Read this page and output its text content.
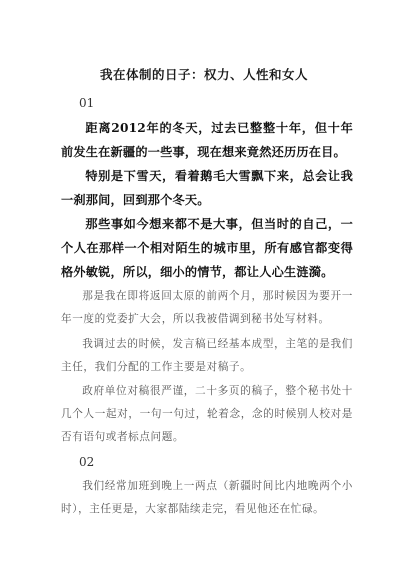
我在体制的日子：权力、人性和女人
01
距离2012年的冬天，过去已整整十年，但十年前发生在新疆的一些事，现在想来竟然还历历在目。
特别是下雪天，看着鹅毛大雪飘下来，总会让我一刹那间，回到那个冬天。
那些事如今想来都不是大事，但当时的自己，一个人在那样一个相对陌生的城市里，所有感官都变得格外敏锐，所以，细小的情节，都让人心生涟漪。
那是我在即将返回太原的前两个月，那时候因为要开一年一度的党委扩大会，所以我被借调到秘书处写材料。
我调过去的时候，发言稿已经基本成型，主笔的是我们主任，我们分配的工作主要是对稿子。
政府单位对稿很严谨，二十多页的稿子，整个秘书处十几个人一起对，一句一句过，轮着念，念的时候别人校对是否有语句或者标点问题。
02
我们经常加班到晚上一两点（新疆时间比内地晚两个小时），主任更是，大家都陆续走完，看见他还在忙碌。
